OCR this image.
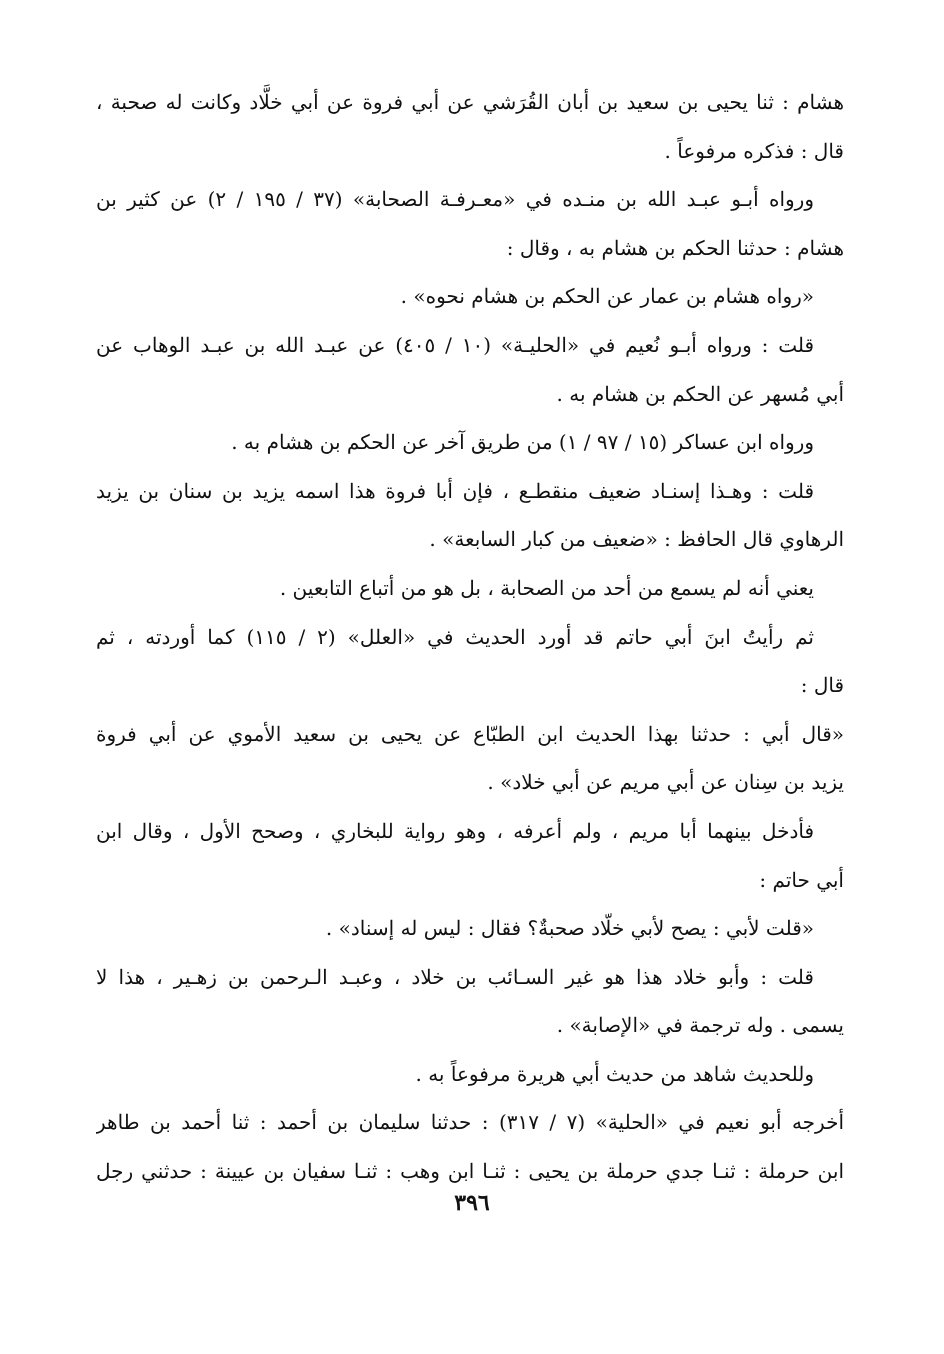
هشام : ثنا يحيى بن سعيد بن أبان القُرَشي عن أبي فروة عن أبي خلَّاد وكانت له صحبة ،
قال : فذكره مرفوعاً .
ورواه أبـو عبـد الله بن منـده في «معـرفـة الصحابة» (٣٧ / ١٩٥ / ٢) عن كثير بن
هشام : حدثنا الحكم بن هشام به ، وقال :
«رواه هشام بن عمار عن الحكم بن هشام نحوه» .
قلت : ورواه أبـو نُعيم في «الحليـة» (١٠ / ٤٠٥) عن عبـد الله بن عبـد الوهاب عن
أبي مُسهر عن الحكم بن هشام به .
ورواه ابن عساكر (١٥ / ٩٧ / ١) من طريق آخر عن الحكم بن هشام به .
قلت : وهـذا إسنـاد ضعيف منقطـع ، فإن أبا فروة هذا اسمه يزيد بن سنان بن يزيد
الرهاوي قال الحافظ : «ضعيف من كبار السابعة» .
يعني أنه لم يسمع من أحد من الصحابة ، بل هو من أتباع التابعين .
ثم رأيتُ ابنَ أبي حاتم قد أورد الحديث في «العلل» (٢ / ١١٥) كما أوردته ، ثم
قال :
«قال أبي : حدثنا بهذا الحديث ابن الطبّاع عن يحيى بن سعيد الأموي عن أبي فروة
يزيد بن سِنان عن أبي مريم عن أبي خلاد» .
فأدخل بينهما أبا مريم ، ولم أعرفه ، وهو رواية للبخاري ، وصحح الأول ، وقال ابن
أبي حاتم :
«قلت لأبي : يصح لأبي خلّاد صحبةٌ؟ فقال : ليس له إسناد» .
قلت : وأبو خلاد هذا هو غير السـائب بن خلاد ، وعبـد الـرحمن بن زهـير ، هذا لا
يسمى . وله ترجمة في «الإصابة» .
وللحديث شاهد من حديث أبي هريرة مرفوعاً به .
أخرجه أبو نعيم في «الحلية» (٧ / ٣١٧) : حدثنا سليمان بن أحمد : ثنا أحمد بن طاهر
ابن حرملة : ثنـا جدي حرملة بن يحيى : ثنـا ابن وهب : ثنـا سفيان بن عيينة : حدثني رجل
٣٩٦
